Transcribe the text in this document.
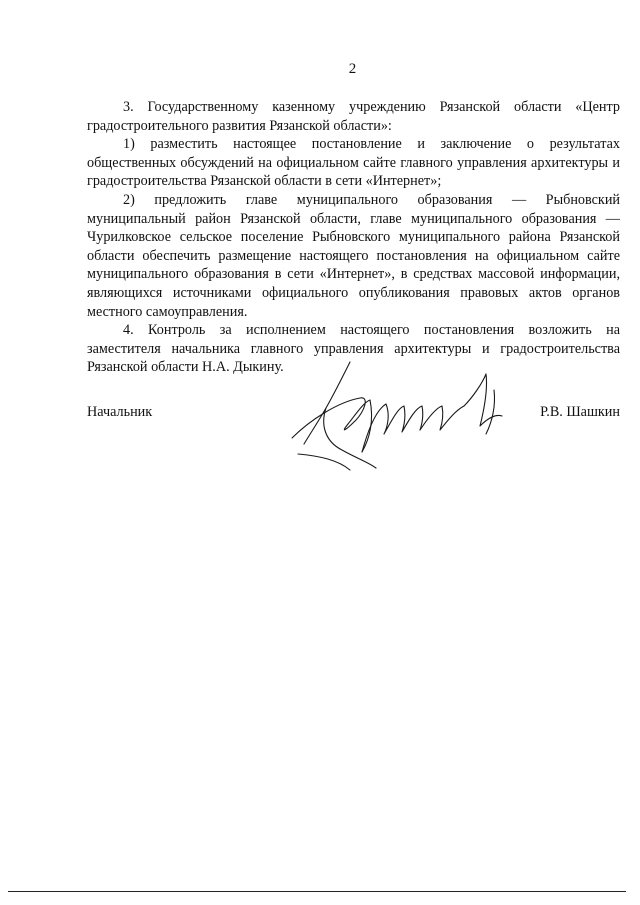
2

3. Государственному казенному учреждению Рязанской области «Центр градостроительного развития Рязанской области»:

1) разместить настоящее постановление и заключение о результатах общественных обсуждений на официальном сайте главного управления архитектуры и градостроительства Рязанской области в сети «Интернет»;

2) предложить главе муниципального образования — Рыбновский муниципальный район Рязанской области, главе муниципального образования — Чурилковское сельское поселение Рыбновского муниципального района Рязанской области обеспечить размещение настоящего постановления на официальном сайте муниципального образования в сети «Интернет», в средствах массовой информации, являющихся источниками официального опубликования правовых актов органов местного самоуправления.

4. Контроль за исполнением настоящего постановления возложить на заместителя начальника главного управления архитектуры и градостроительства Рязанской области Н.А. Дыкину.

Начальник	Р.В. Шашкин
